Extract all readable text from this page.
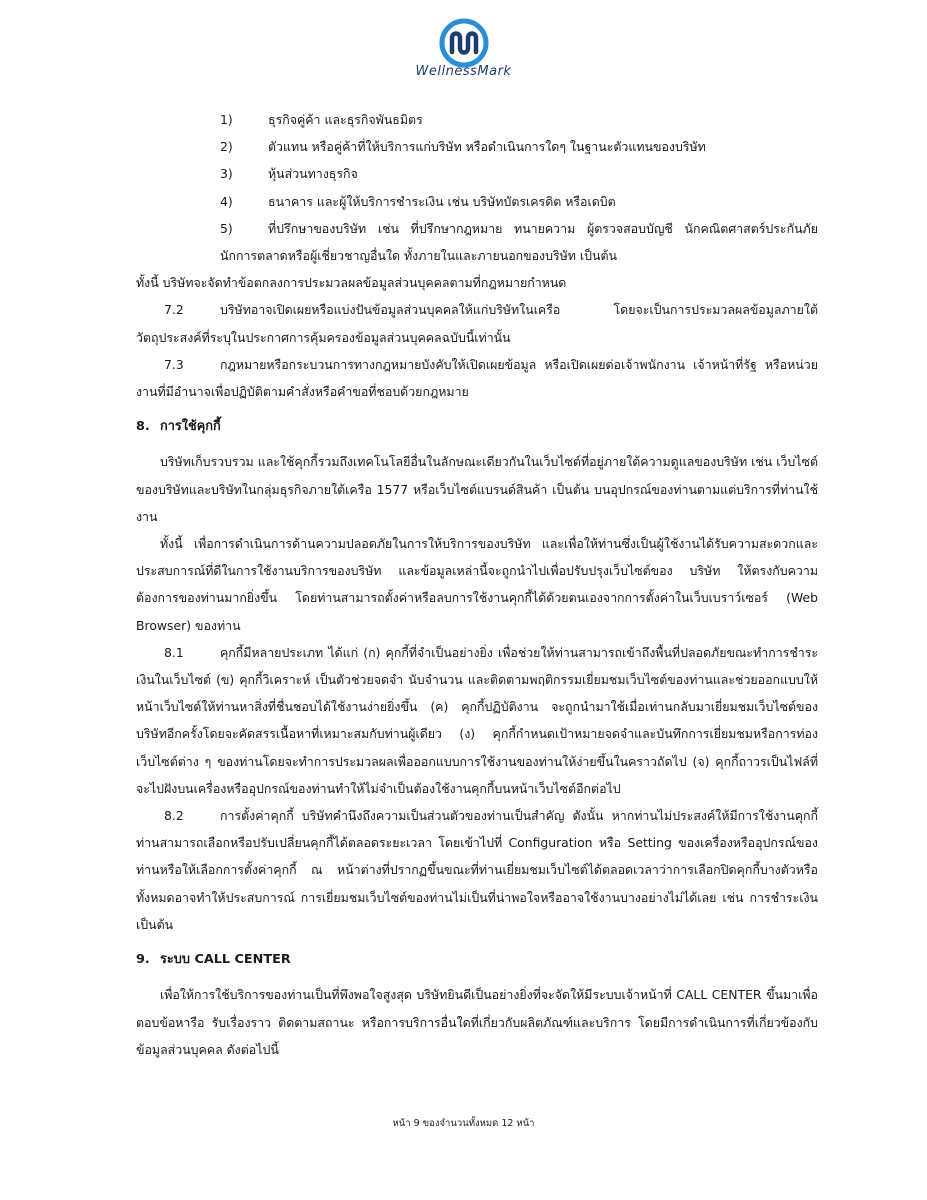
WellnessMark
1)	ธุรกิจคู่ค้า และธุรกิจพันธมิตร
2)	ตัวแทน หรือคู่ค้าที่ให้บริการแก่บริษัท หรือดำเนินการใดๆ ในฐานะตัวแทนของบริษัท
3)	หุ้นส่วนทางธุรกิจ
4)	ธนาคาร และผู้ให้บริการชำระเงิน เช่น บริษัทบัตรเครดิต หรือเดบิต
5)	ที่ปรึกษาของบริษัท เช่น ที่ปรึกษากฎหมาย ทนายความ ผู้ตรวจสอบบัญชี นักคณิตศาสตร์ประกันภัย นักการตลาดหรือผู้เชี่ยวชาญอื่นใด ทั้งภายในและภายนอกของบริษัท เป็นต้น
ทั้งนี้ บริษัทจะจัดทำข้อตกลงการประมวลผลข้อมูลส่วนบุคคลตามที่กฎหมายกำหนด
7.2	บริษัทอาจเปิดเผยหรือแบ่งปันข้อมูลส่วนบุคคลให้แก่บริษัทในเครือ โดยจะเป็นการประมวลผลข้อมูลภายใต้วัตถุประสงค์ที่ระบุในประกาศการคุ้มครองข้อมูลส่วนบุคคลฉบับนี้เท่านั้น
7.3	กฎหมายหรือกระบวนการทางกฎหมายบังคับให้เปิดเผยข้อมูล หรือเปิดเผยต่อเจ้าพนักงาน เจ้าหน้าที่รัฐ หรือหน่วยงานที่มีอำนาจเพื่อปฏิบัติตามคำสั่งหรือคำขอที่ชอบด้วยกฎหมาย
8. การใช้คุกกี้
บริษัทเก็บรวบรวม และใช้คุกกี้รวมถึงเทคโนโลยีอื่นในลักษณะเดียวกันในเว็บไซต์ที่อยู่ภายใต้ความดูแลของบริษัท เช่น เว็บไซต์ของบริษัทและบริษัทในกลุ่มธุรกิจภายใต้เครือ 1577 หรือเว็บไซต์แบรนด์สินค้า เป็นต้น บนอุปกรณ์ของท่านตามแต่บริการที่ท่านใช้งาน
ทั้งนี้ เพื่อการดำเนินการด้านความปลอดภัยในการให้บริการของบริษัท และเพื่อให้ท่านซึ่งเป็นผู้ใช้งานได้รับความสะดวกและประสบการณ์ที่ดีในการใช้งานบริการของบริษัท และข้อมูลเหล่านี้จะถูกนำไปเพื่อปรับปรุงเว็บไซต์ของ บริษัท ให้ตรงกับความต้องการของท่านมากยิ่งขึ้น โดยท่านสามารถตั้งค่าหรือลบการใช้งานคุกกี้ได้ด้วยตนเองจากการตั้งค่าในเว็บเบราว์เซอร์ (Web Browser) ของท่าน
8.1	คุกกี้มีหลายประเภท ได้แก่ (ก) คุกกี้ที่จำเป็นอย่างยิ่ง เพื่อช่วยให้ท่านสามารถเข้าถึงพื้นที่ปลอดภัยขณะทำการชำระเงินในเว็บไซต์ (ข) คุกกี้วิเคราะห์ เป็นตัวช่วยจดจำ นับจำนวน และติดตามพฤติกรรมเยี่ยมชมเว็บไซต์ของท่านและช่วยออกแบบให้หน้าเว็บไซต์ให้ท่านหาสิ่งที่ชื่นชอบได้ใช้งานง่ายยิ่งขึ้น (ค) คุกกี้ปฏิบัติงาน จะถูกนำมาใช้เมื่อเท่านกลับมาเยี่ยมชมเว็บไซต์ของบริษัทอีกครั้งโดยจะคัดสรรเนื้อหาที่เหมาะสมกับท่านผู้เดียว (ง) คุกกี้กำหนดเป้าหมายจดจำและบันทึกการเยี่ยมชมหรือการท่องเว็บไซต์ต่าง ๆ ของท่านโดยจะทำการประมวลผลเพื่อออกแบบการใช้งานของท่านให้ง่ายขึ้นในคราวถัดไป (จ) คุกกี้ถาวรเป็นไฟล์ที่จะไปฝังบนเครื่องหรืออุปกรณ์ของท่านทำให้ไม่จำเป็นต้องใช้งานคุกกี้บนหน้าเว็บไซต์อีกต่อไป
8.2	การตั้งค่าคุกกี้ บริษัทคำนึงถึงความเป็นส่วนตัวของท่านเป็นสำคัญ ดังนั้น หากท่านไม่ประสงค์ให้มีการใช้งานคุกกี้ท่านสามารถเลือกหรือปรับเปลี่ยนคุกกี้ได้ตลอดระยะเวลา โดยเข้าไปที่ Configuration หรือ Setting ของเครื่องหรืออุปกรณ์ของท่านหรือให้เลือกการตั้งค่าคุกกี้ ณ หน้าต่างที่ปรากฏขึ้นขณะที่ท่านเยี่ยมชมเว็บไซต์ได้ตลอดเวลาว่าการเลือกปิดคุกกี้บางตัวหรือทั้งหมดอาจทำให้ประสบการณ์ การเยี่ยมชมเว็บไซต์ของท่านไม่เป็นที่น่าพอใจหรืออาจใช้งานบางอย่างไม่ได้เลย เช่น การชำระเงิน เป็นต้น
9. ระบบ CALL CENTER
เพื่อให้การใช้บริการของท่านเป็นที่พึงพอใจสูงสุด บริษัทยินดีเป็นอย่างยิ่งที่จะจัดให้มีระบบเจ้าหน้าที่ CALL CENTER ขึ้นมาเพื่อตอบข้อหารือ รับเรื่องราว ติดตามสถานะ หรือการบริการอื่นใดที่เกี่ยวกับผลิตภัณฑ์และบริการ โดยมีการดำเนินการที่เกี่ยวข้องกับข้อมูลส่วนบุคคล ดังต่อไปนี้
หน้า 9 ของจำนวนทั้งหมด 12 หน้า
